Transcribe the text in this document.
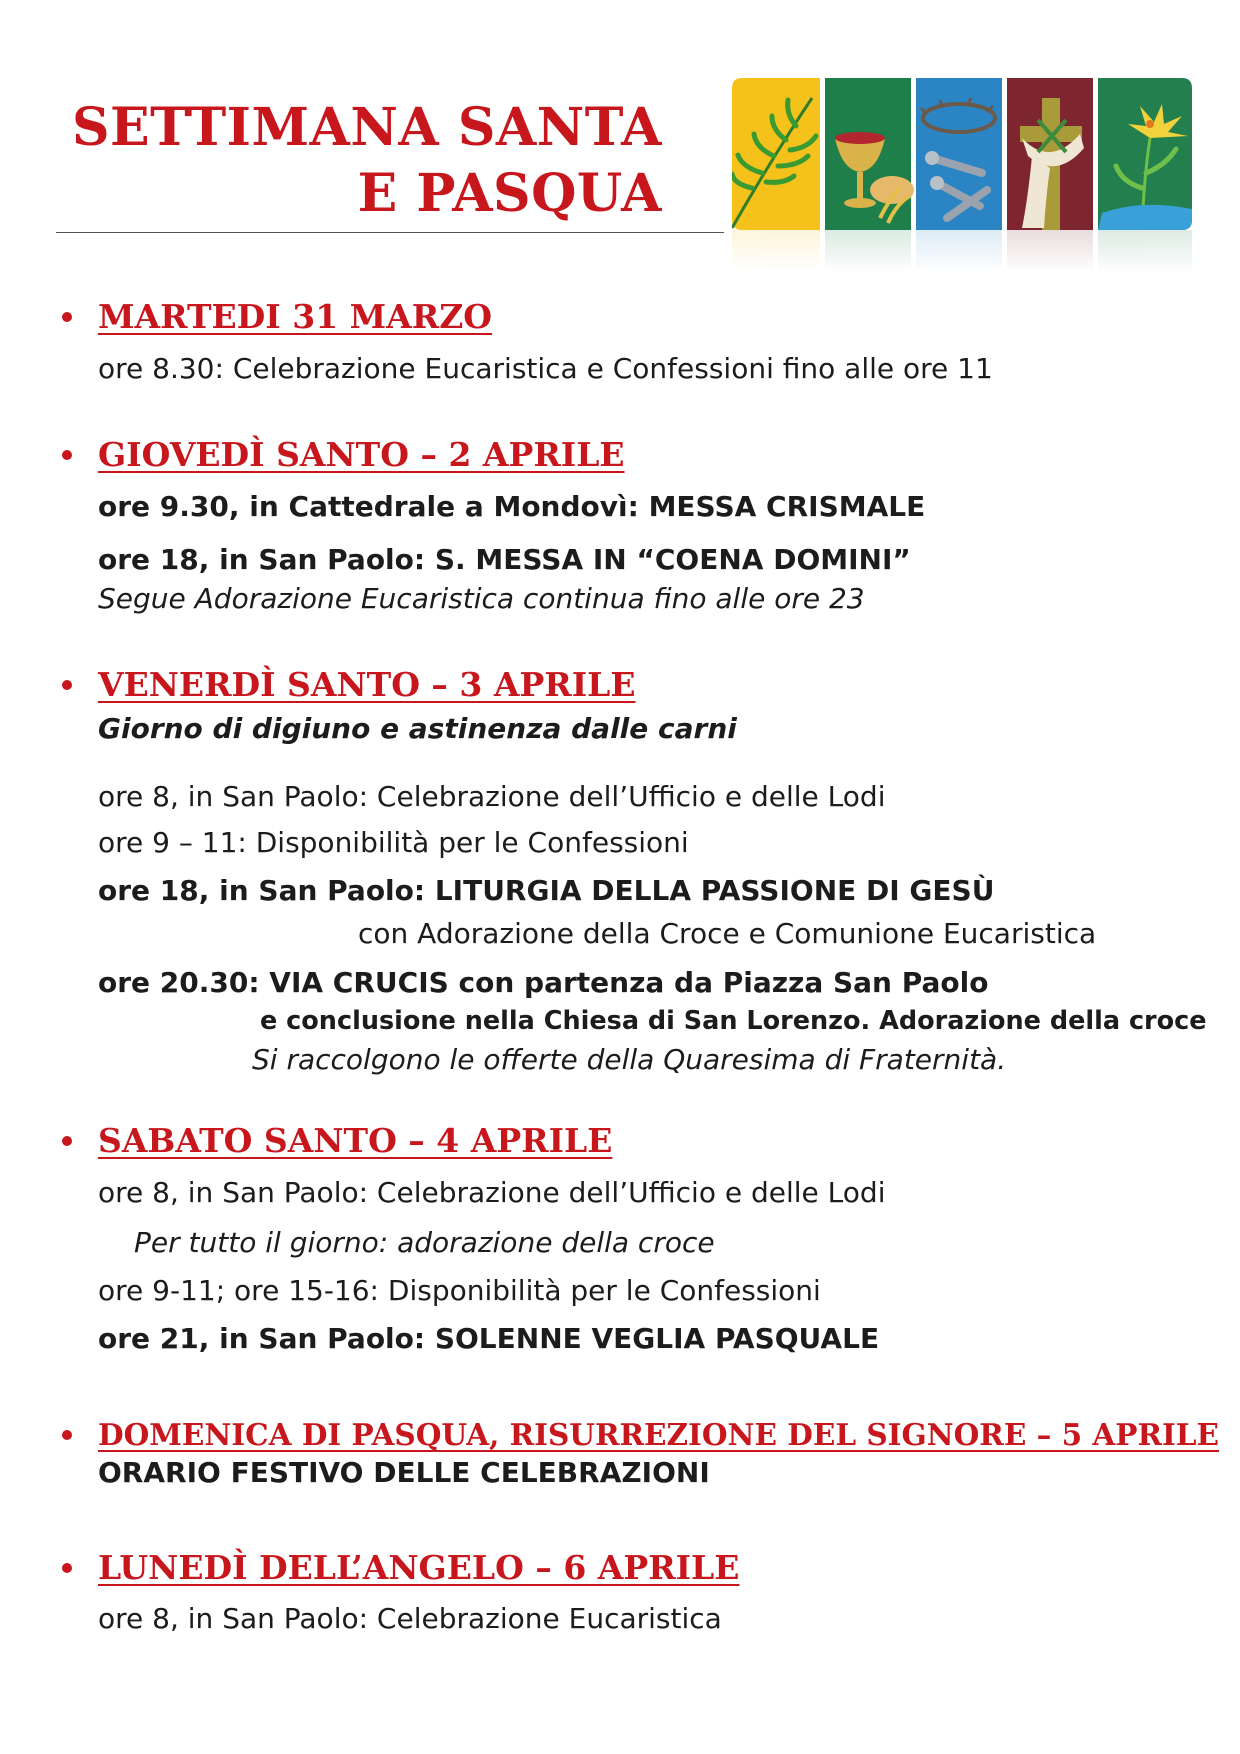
SETTIMANA SANTA
E PASQUA
MARTEDI 31 MARZO
ore 8.30: Celebrazione Eucaristica e Confessioni fino alle ore 11
GIOVEDÌ SANTO – 2 APRILE
ore 9.30, in Cattedrale a Mondovì: MESSA CRISMALE
ore 18, in San Paolo: S. MESSA IN “COENA DOMINI”
Segue Adorazione Eucaristica continua fino alle ore 23
VENERDÌ SANTO – 3 APRILE
Giorno di digiuno e astinenza dalle carni
ore 8, in San Paolo: Celebrazione dell’Ufficio e delle Lodi
ore 9 – 11: Disponibilità per le Confessioni
ore 18, in San Paolo: LITURGIA DELLA PASSIONE DI GESÙ
con Adorazione della Croce e Comunione Eucaristica
ore 20.30: VIA CRUCIS con partenza da Piazza San Paolo
e conclusione nella Chiesa di San Lorenzo. Adorazione della croce
Si raccolgono le offerte della Quaresima di Fraternità.
SABATO SANTO – 4 APRILE
ore 8, in San Paolo: Celebrazione dell’Ufficio e delle Lodi
Per tutto il giorno: adorazione della croce
ore 9-11; ore 15-16: Disponibilità per le Confessioni
ore 21, in San Paolo: SOLENNE VEGLIA PASQUALE
DOMENICA DI PASQUA, RISURREZIONE DEL SIGNORE – 5 APRILE
ORARIO FESTIVO DELLE CELEBRAZIONI
LUNEDÌ DELL’ANGELO – 6 APRILE
ore 8, in San Paolo: Celebrazione Eucaristica
